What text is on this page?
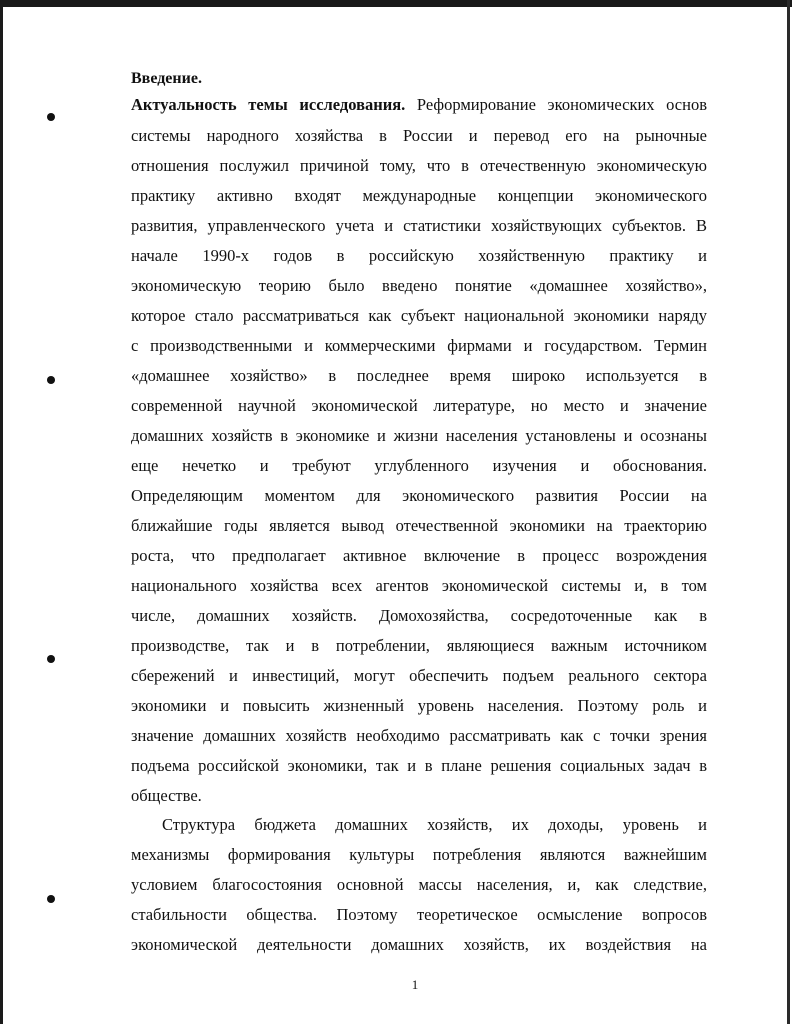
Введение.
Актуальность темы исследования. Реформирование экономических основ
системы народного хозяйства в России и перевод его на рыночные
отношения послужил причиной тому, что в отечественную экономическую
практику активно входят международные концепции экономического
развития, управленческого учета и статистики хозяйствующих субъектов. В
начале 1990-х годов в российскую хозяйственную практику и
экономическую теорию было введено понятие «домашнее хозяйство»,
которое стало рассматриваться как субъект национальной экономики наряду
с производственными и коммерческими фирмами и государством. Термин
«домашнее хозяйство» в последнее время широко используется в
современной научной экономической литературе, но место и значение
домашних хозяйств в экономике и жизни населения установлены и осознаны
еще нечетко и требуют углубленного изучения и обоснования.
Определяющим моментом для экономического развития России на
ближайшие годы является вывод отечественной экономики на траекторию
роста, что предполагает активное включение в процесс возрождения
национального хозяйства всех агентов экономической системы и, в том
числе, домашних хозяйств. Домохозяйства, сосредоточенные как в
производстве, так и в потреблении, являющиеся важным источником
сбережений и инвестиций, могут обеспечить подъем реального сектора
экономики и повысить жизненный уровень населения. Поэтому роль и
значение домашних хозяйств необходимо рассматривать как с точки зрения
подъема российской экономики, так и в плане решения социальных задач в
обществе.
Структура бюджета домашних хозяйств, их доходы, уровень и
механизмы формирования культуры потребления являются важнейшим
условием благосостояния основной массы населения, и, как следствие,
стабильности общества. Поэтому теоретическое осмысление вопросов
экономической деятельности домашних хозяйств, их воздействия на
1
